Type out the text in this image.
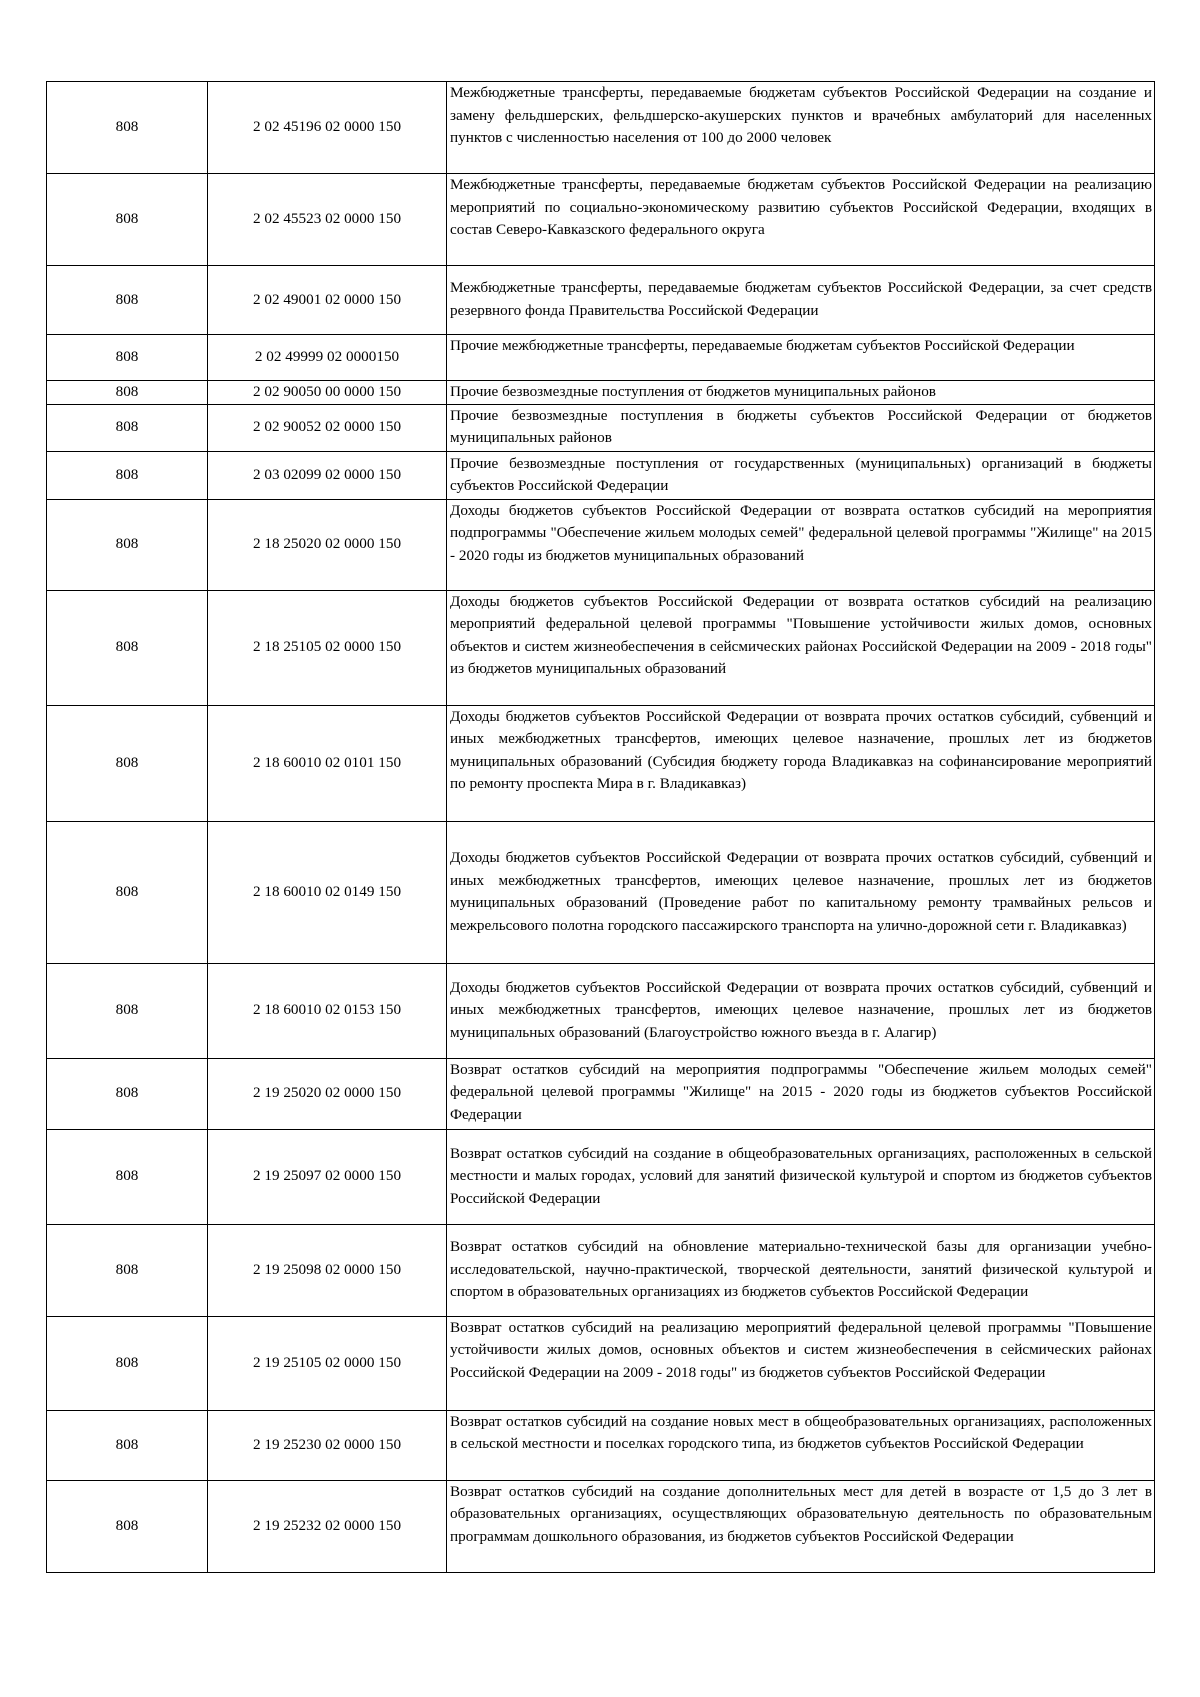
808	2 02 45196 02 0000 150	Межбюджетные трансферты, передаваемые бюджетам субъектов Российской Федерации на создание и замену фельдшерских, фельдшерско-акушерских пунктов и врачебных амбулаторий для населенных пунктов с численностью населения от 100 до 2000 человек
808	2 02 45523 02 0000 150	Межбюджетные трансферты, передаваемые бюджетам субъектов Российской Федерации на реализацию мероприятий по социально-экономическому развитию субъектов Российской Федерации, входящих в состав Северо-Кавказского федерального округа
808	2 02 49001 02 0000 150	Межбюджетные трансферты, передаваемые бюджетам субъектов Российской Федерации, за счет средств резервного фонда Правительства Российской Федерации
808	2 02 49999 02 0000150	Прочие межбюджетные трансферты, передаваемые бюджетам субъектов Российской Федерации
808	2 02 90050 00 0000 150	Прочие безвозмездные поступления от бюджетов муниципальных районов
808	2 02 90052 02 0000 150	Прочие безвозмездные поступления в бюджеты субъектов Российской Федерации от бюджетов муниципальных районов
808	2 03 02099 02 0000 150	Прочие безвозмездные поступления от государственных (муниципальных) организаций в бюджеты субъектов Российской Федерации
808	2 18 25020 02 0000 150	Доходы бюджетов субъектов Российской Федерации от возврата остатков субсидий на мероприятия подпрограммы "Обеспечение жильем молодых семей" федеральной целевой программы "Жилище" на 2015 - 2020 годы из бюджетов муниципальных образований
808	2 18 25105 02 0000 150	Доходы бюджетов субъектов Российской Федерации от возврата остатков субсидий на реализацию мероприятий федеральной целевой программы "Повышение устойчивости жилых домов, основных объектов и систем жизнеобеспечения в сейсмических районах Российской Федерации на 2009 - 2018 годы" из бюджетов муниципальных образований
808	2 18 60010 02 0101 150	Доходы бюджетов субъектов Российской Федерации от возврата прочих остатков субсидий, субвенций и иных межбюджетных трансфертов, имеющих целевое назначение, прошлых лет из бюджетов муниципальных образований (Субсидия бюджету города Владикавказ на софинансирование мероприятий по ремонту проспекта Мира в г. Владикавказ)
808	2 18 60010 02 0149 150	Доходы бюджетов субъектов Российской Федерации от возврата прочих остатков субсидий, субвенций и иных межбюджетных трансфертов, имеющих целевое назначение, прошлых лет из бюджетов муниципальных образований (Проведение работ по капитальному ремонту трамвайных рельсов и межрельсового полотна городского пассажирского транспорта на улично-дорожной сети г. Владикавказ)
808	2 18 60010 02 0153 150	Доходы бюджетов субъектов Российской Федерации от возврата прочих остатков субсидий, субвенций и иных межбюджетных трансфертов, имеющих целевое назначение, прошлых лет из бюджетов муниципальных образований (Благоустройство южного въезда в г. Алагир)
808	2 19 25020 02 0000 150	Возврат остатков субсидий на мероприятия подпрограммы "Обеспечение жильем молодых семей" федеральной целевой программы "Жилище" на 2015 - 2020 годы из бюджетов субъектов Российской Федерации
808	2 19 25097 02 0000 150	Возврат остатков субсидий на создание в общеобразовательных организациях, расположенных в сельской местности и малых городах, условий для занятий физической культурой и спортом из бюджетов субъектов Российской Федерации
808	2 19 25098 02 0000 150	Возврат остатков субсидий на обновление материально-технической базы для организации учебно-исследовательской, научно-практической, творческой деятельности, занятий физической культурой и спортом в образовательных организациях из бюджетов субъектов Российской Федерации
808	2 19 25105 02 0000 150	Возврат остатков субсидий на реализацию мероприятий федеральной целевой программы "Повышение устойчивости жилых домов, основных объектов и систем жизнеобеспечения в сейсмических районах Российской Федерации на 2009 - 2018 годы" из бюджетов субъектов Российской Федерации
808	2 19 25230 02 0000 150	Возврат остатков субсидий на создание новых мест в общеобразовательных организациях, расположенных в сельской местности и поселках городского типа, из бюджетов субъектов Российской Федерации
808	2 19 25232 02 0000 150	Возврат остатков субсидий на создание дополнительных мест для детей в возрасте от 1,5 до 3 лет в образовательных организациях, осуществляющих образовательную деятельность по образовательным программам дошкольного образования, из бюджетов субъектов Российской Федерации
